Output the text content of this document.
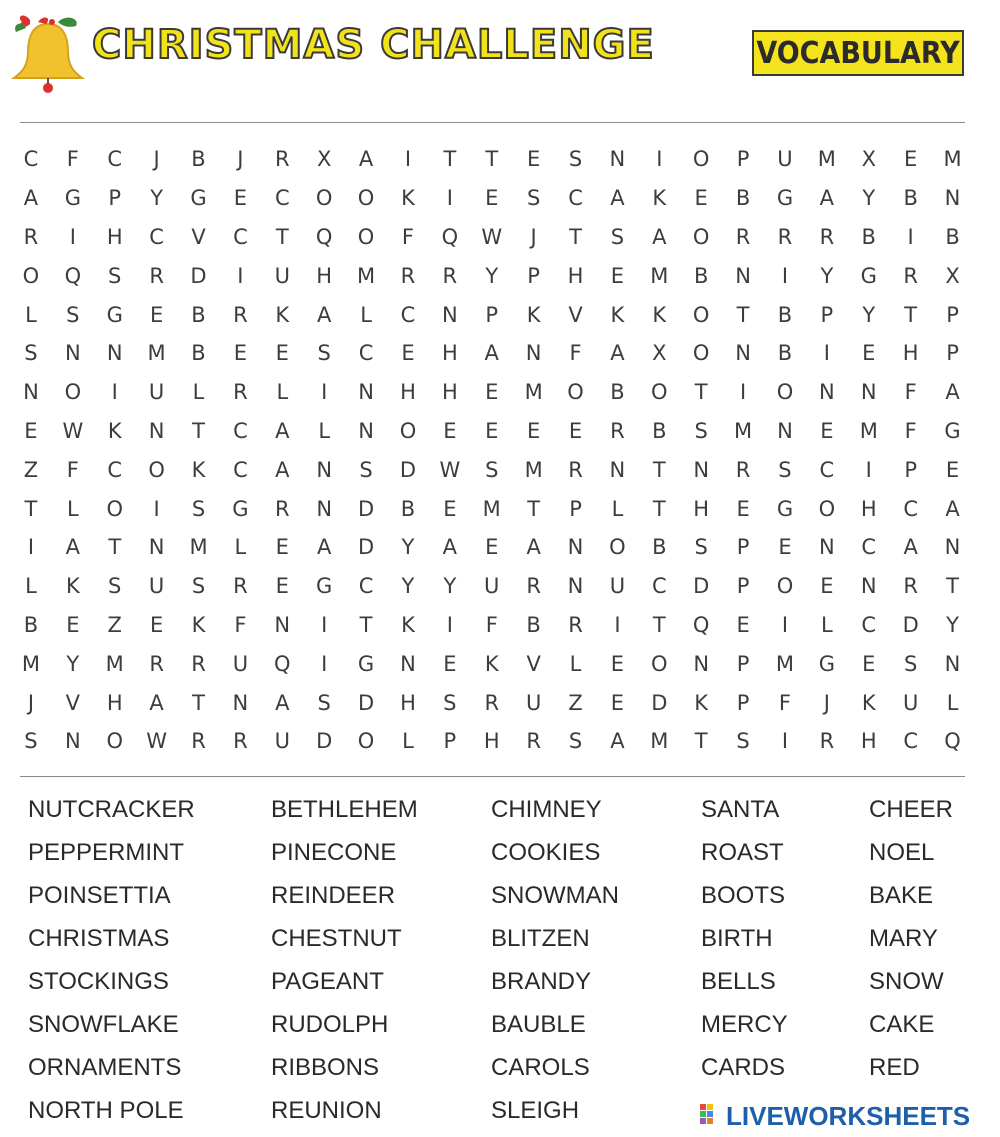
CHRISTMAS CHALLENGE	VOCABULARY
C	F	C	J	B	J	R	X	A	I	T	T	E	S	N	I	O	P	U	M	X	E	M
A	G	P	Y	G	E	C	O	O	K	I	E	S	C	A	K	E	B	G	A	Y	B	N
R	I	H	C	V	C	T	Q	O	F	Q	W	J	T	S	A	O	R	R	R	B	I	B
O	Q	S	R	D	I	U	H	M	R	R	Y	P	H	E	M	B	N	I	Y	G	R	X
L	S	G	E	B	R	K	A	L	C	N	P	K	V	K	K	O	T	B	P	Y	T	P
S	N	N	M	B	E	E	S	C	E	H	A	N	F	A	X	O	N	B	I	E	H	P
N	O	I	U	L	R	L	I	N	H	H	E	M	O	B	O	T	I	O	N	N	F	A
E	W	K	N	T	C	A	L	N	O	E	E	E	E	R	B	S	M	N	E	M	F	G
Z	F	C	O	K	C	A	N	S	D	W	S	M	R	N	T	N	R	S	C	I	P	E
T	L	O	I	S	G	R	N	D	B	E	M	T	P	L	T	H	E	G	O	H	C	A
I	A	T	N	M	L	E	A	D	Y	A	E	A	N	O	B	S	P	E	N	C	A	N
L	K	S	U	S	R	E	G	C	Y	Y	U	R	N	U	C	D	P	O	E	N	R	T
B	E	Z	E	K	F	N	I	T	K	I	F	B	R	I	T	Q	E	I	L	C	D	Y
M	Y	M	R	R	U	Q	I	G	N	E	K	V	L	E	O	N	P	M	G	E	S	N
J	V	H	A	T	N	A	S	D	H	S	R	U	Z	E	D	K	P	F	J	K	U	L
S	N	O	W	R	R	U	D	O	L	P	H	R	S	A	M	T	S	I	R	H	C	Q
NUTCRACKER
PEPPERMINT
POINSETTIA
CHRISTMAS
STOCKINGS
SNOWFLAKE
ORNAMENTS
NORTH POLE
BETHLEHEM
PINECONE
REINDEER
CHESTNUT
PAGEANT
RUDOLPH
RIBBONS
REUNION
CHIMNEY
COOKIES
SNOWMAN
BLITZEN
BRANDY
BAUBLE
CAROLS
SLEIGH
SANTA
ROAST
BOOTS
BIRTH
BELLS
MERCY
CARDS
CHEER
NOEL
BAKE
MARY
SNOW
CAKE
RED
LIVEWORKSHEETS
